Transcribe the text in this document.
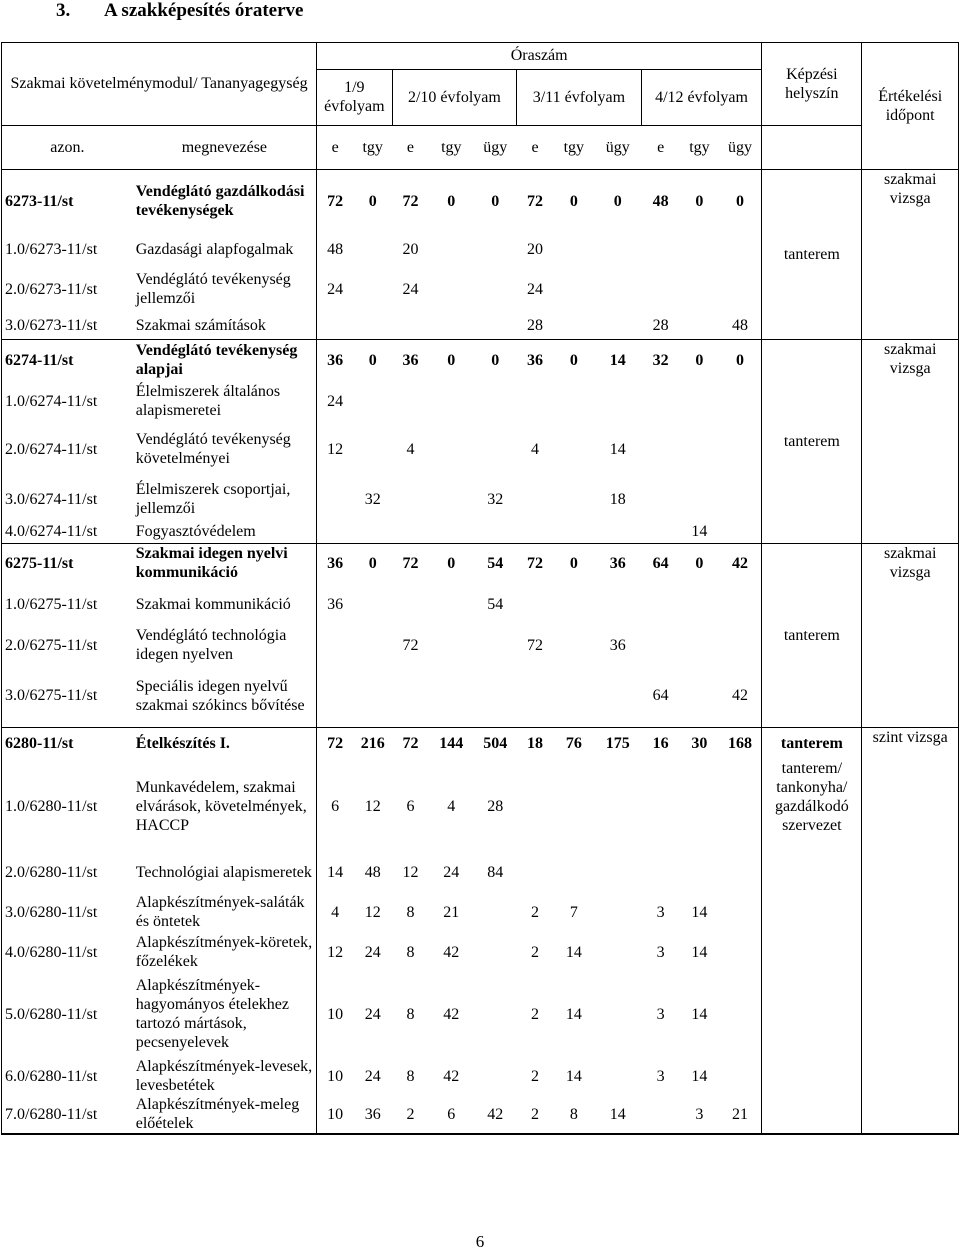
3. A szakképesítés óraterve
Szakmai követelménymodul/ Tananyagegység		Óraszám											Képzési helyszín	Értékelési időpont
		1/9 évfolyam		2/10 évfolyam			3/11 évfolyam			4/12 évfolyam				
azon.	megnevezése	e	tgy	e	tgy	ügy	e	tgy	ügy	e	tgy	ügy		
6273-11/st	Vendéglátó gazdálkodási tevékenységek	72	0	72	0	0	72	0	0	48	0	0	tanterem	szakmai vizsga
1.0/6273-11/st	Gazdasági alapfogalmak	48		20			20							
2.0/6273-11/st	Vendéglátó tevékenység jellemzői	24		24			24							
3.0/6273-11/st	Szakmai számítások						28			28		48		
6274-11/st	Vendéglátó tevékenység alapjai	36	0	36	0	0	36	0	14	32	0	0	tanterem	szakmai vizsga
1.0/6274-11/st	Élelmiszerek általános alapismeretei	24												
2.0/6274-11/st	Vendéglátó tevékenység követelményei	12		4			4		14					
3.0/6274-11/st	Élelmiszerek csoportjai, jellemzői		32			32			18					
4.0/6274-11/st	Fogyasztóvédelem										14			
6275-11/st	Szakmai idegen nyelvi kommunikáció	36	0	72	0	54	72	0	36	64	0	42	tanterem	szakmai vizsga
1.0/6275-11/st	Szakmai kommunikáció	36				54								
2.0/6275-11/st	Vendéglátó technológia idegen nyelven			72			72		36					
3.0/6275-11/st	Speciális idegen nyelvű szakmai szókincs bővítése									64		42		
6280-11/st	Ételkészítés I.	72	216	72	144	504	18	76	175	16	30	168	tanterem	szint vizsga
1.0/6280-11/st	Munkavédelem, szakmai elvárások, követelmények, HACCP	6	12	6	4	28							tanterem/ tankonyha/ gazdálkodó szervezet	
2.0/6280-11/st	Technológiai alapismeretek	14	48	12	24	84								
3.0/6280-11/st	Alapkészítmények-saláták és öntetek	4	12	8	21		2	7		3	14			
4.0/6280-11/st	Alapkészítmények-köretek, főzelékek	12	24	8	42		2	14		3	14			
5.0/6280-11/st	Alapkészítmények-hagyományos ételekhez tartozó mártások, pecsenyelevek	10	24	8	42		2	14		3	14			
6.0/6280-11/st	Alapkészítmények-levesek, levesbetétek	10	24	8	42		2	14		3	14			
7.0/6280-11/st	Alapkészítmények-meleg előételek	10	36	2	6	42	2	8	14		3	21		
6
